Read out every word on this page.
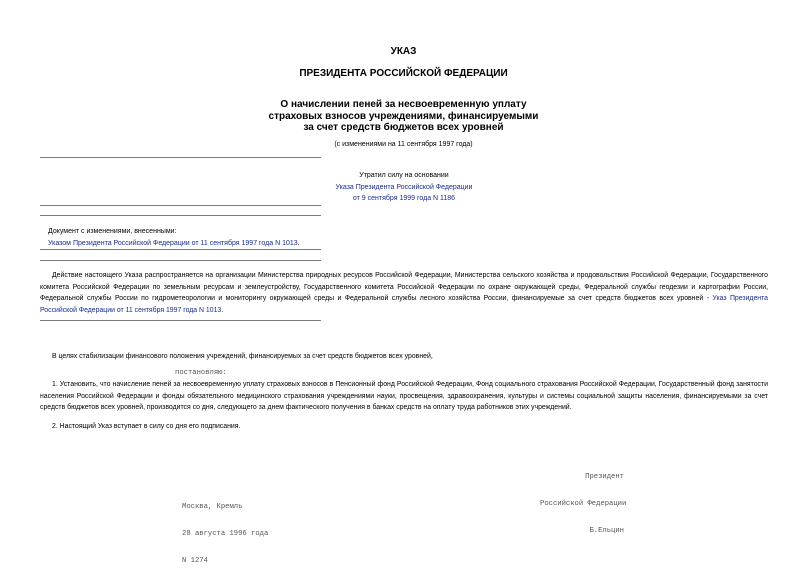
УКАЗ
ПРЕЗИДЕНТА РОССИЙСКОЙ ФЕДЕРАЦИИ
О начислении пеней за несвоевременную уплату
страховых взносов учреждениями, финансируемыми
за счет средств бюджетов всех уровней
(с изменениями на 11 сентября 1997 года)
Утратил силу на основании
Указа Президента Российской Федерации
от 9 сентября 1999 года N 1186
Документ с изменениями, внесенными:
Указом Президента Российской Федерации от 11 сентября 1997 года N 1013.
Действие настоящего Указа распространяется на организации Министерства природных ресурсов Российской Федерации, Министерства сельского хозяйства и продовольствия Российской Федерации, Государственного комитета Российской Федерации по земельным ресурсам и землеустройству, Государственного комитета Российской Федерации по охране окружающей среды, Федеральной службы геодезии и картографии России, Федеральной службы России по гидрометеорологии и мониторингу окружающей среды и Федеральной службы лесного хозяйства России, финансируемые за счет средств бюджетов всех уровней - Указ Президента Российской Федерации от 11 сентября 1997 года N 1013.
В целях стабилизации финансового положения учреждений, финансируемых за счет средств бюджетов всех уровней,
постановляю:
1. Установить, что начисление пеней за несвоевременную уплату страховых взносов в Пенсионный фонд Российской Федерации, Фонд социального страхования Российской Федерации, Государственный фонд занятости населения Российской Федерации и фонды обязательного медицинского страхования учреждениями науки, просвещения, здравоохранения, культуры и системы социальной защиты населения, финансируемыми за счет средств бюджетов всех уровней, производится со дня, следующего за днем фактического получения в банках средств на оплату труда работников этих учреждений.
2. Настоящий Указ вступает в силу со дня его подписания.

Президент

Российской Федерации

Б.Ельцин

Москва, Кремль

28 августа 1996 года

N 1274
